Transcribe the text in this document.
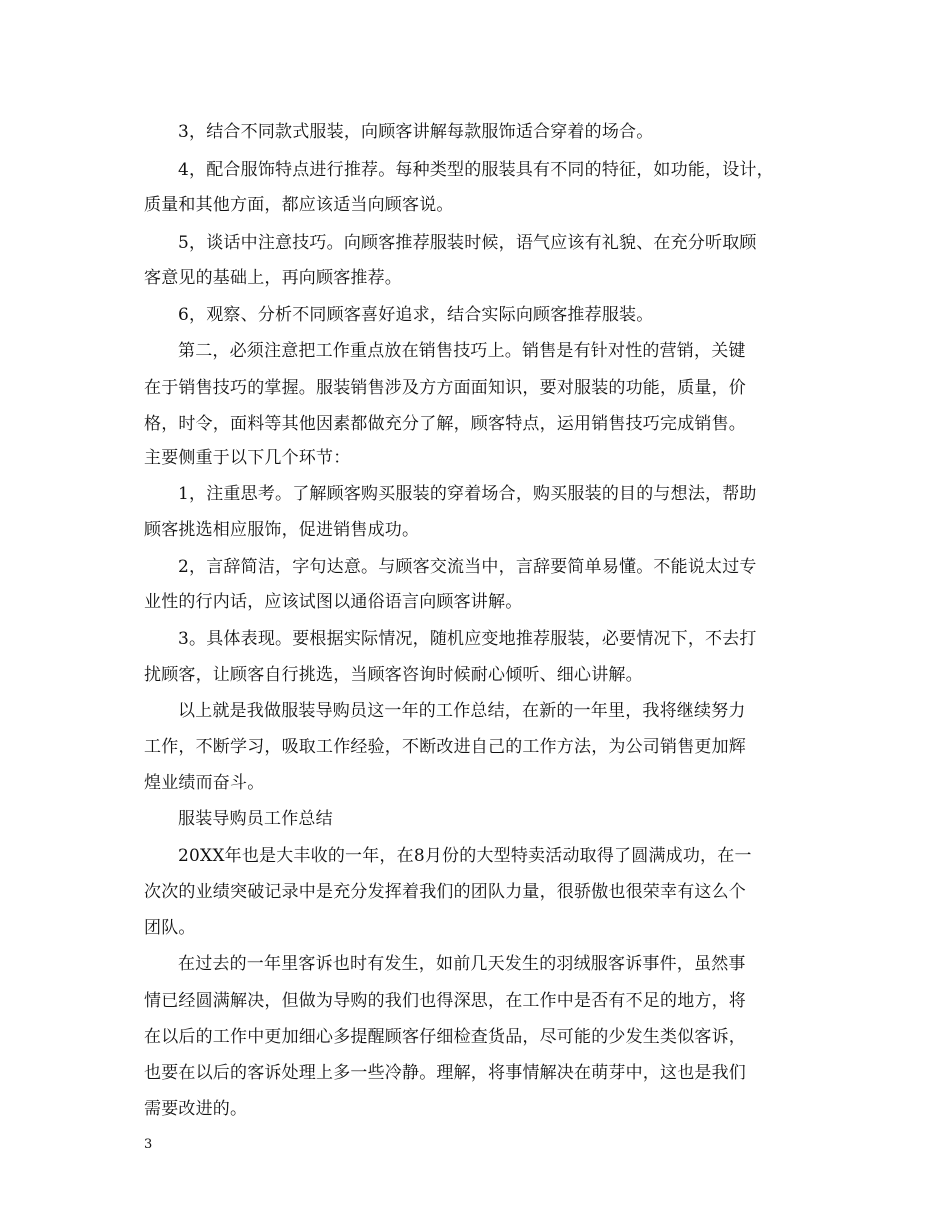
3，结合不同款式服装，向顾客讲解每款服饰适合穿着的场合。
4，配合服饰特点进行推荐。每种类型的服装具有不同的特征，如功能，设计，
质量和其他方面，都应该适当向顾客说。
5，谈话中注意技巧。向顾客推荐服装时候，语气应该有礼貌、在充分听取顾
客意见的基础上，再向顾客推荐。
6，观察、分析不同顾客喜好追求，结合实际向顾客推荐服装。
第二，必须注意把工作重点放在销售技巧上。销售是有针对性的营销，关键
在于销售技巧的掌握。服装销售涉及方方面面知识，要对服装的功能，质量，价
格，时令，面料等其他因素都做充分了解，顾客特点，运用销售技巧完成销售。
主要侧重于以下几个环节：
1，注重思考。了解顾客购买服装的穿着场合，购买服装的目的与想法，帮助
顾客挑选相应服饰，促进销售成功。
2，言辞简洁，字句达意。与顾客交流当中，言辞要简单易懂。不能说太过专
业性的行内话，应该试图以通俗语言向顾客讲解。
3。具体表现。要根据实际情况，随机应变地推荐服装，必要情况下，不去打
扰顾客，让顾客自行挑选，当顾客咨询时候耐心倾听、细心讲解。
以上就是我做服装导购员这一年的工作总结，在新的一年里，我将继续努力
工作，不断学习，吸取工作经验，不断改进自己的工作方法，为公司销售更加辉
煌业绩而奋斗。
服装导购员工作总结
20XX年也是大丰收的一年，在8月份的大型特卖活动取得了圆满成功，在一
次次的业绩突破记录中是充分发挥着我们的团队力量，很骄傲也很荣幸有这么个
团队。
在过去的一年里客诉也时有发生，如前几天发生的羽绒服客诉事件，虽然事
情已经圆满解决，但做为导购的我们也得深思，在工作中是否有不足的地方，将
在以后的工作中更加细心多提醒顾客仔细检查货品，尽可能的少发生类似客诉，
也要在以后的客诉处理上多一些冷静。理解，将事情解决在萌芽中，这也是我们
需要改进的。
3
